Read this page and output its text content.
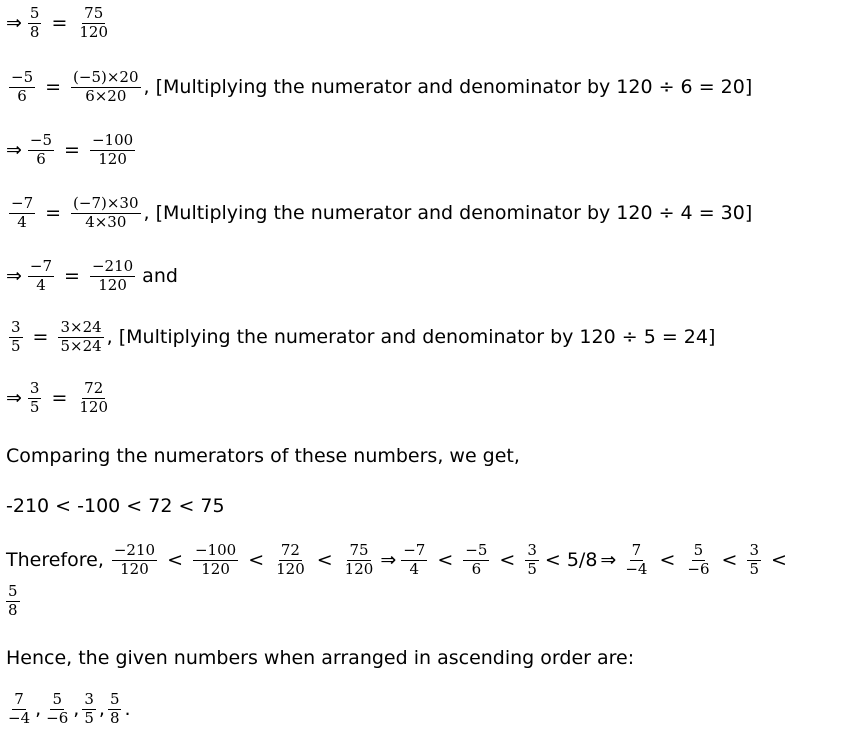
⇒ $\frac{5}{8} = \frac{75}{120}$
$\frac{-5}{6} = \frac{(-5)\times 20}{6\times 20}$ , [Multiplying the numerator and denominator by 120 ÷ 6 = 20]
⇒ $\frac{-5}{6} = \frac{-100}{120}$
$\frac{-7}{4} = \frac{(-7)\times 30}{4\times 30}$ , [Multiplying the numerator and denominator by 120 ÷ 4 = 30]
⇒ $\frac{-7}{4} = \frac{-210}{120}$ and
$\frac{3}{5} = \frac{3\times 24}{5\times 24}$ , [Multiplying the numerator and denominator by 120 ÷ 5 = 24]
⇒ $\frac{3}{5} = \frac{72}{120}$
Comparing the numerators of these numbers, we get,
-210 < -100 < 72 < 75
Therefore, $\frac{-210}{120} < \frac{-100}{120} < \frac{72}{120} < \frac{75}{120}$ ⇒ $\frac{-7}{4} < \frac{-5}{6} < \frac{3}{5} < 5/8$ ⇒ $\frac{7}{-4} < \frac{5}{-6} < \frac{3}{5}$ <
$\frac{5}{8}$
Hence, the given numbers when arranged in ascending order are:
$\frac{7}{-4}$ , $\frac{5}{-6}$ , $\frac{3}{5}$ , $\frac{5}{8}$ .
